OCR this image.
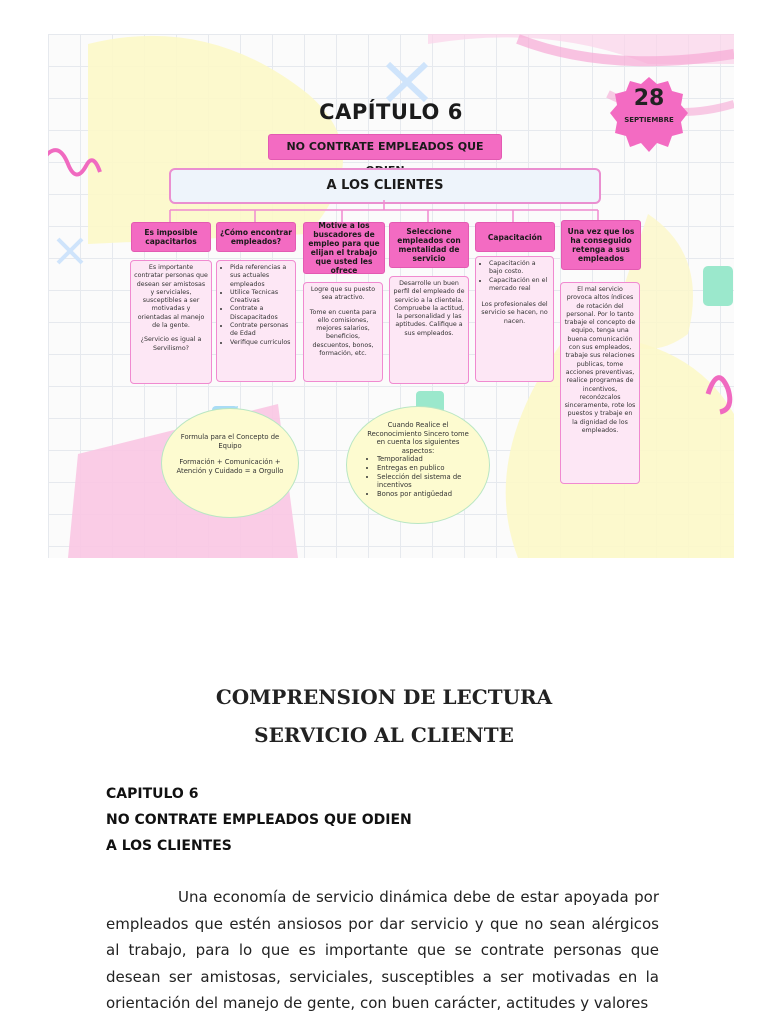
28
SEPTIEMBRE
CAPÍTULO 6
NO CONTRATE EMPLEADOS QUE
A LOS CLIENTES
Es imposible capacitarlos

Es importante contratar personas que desean ser amistosas y serviciales, susceptibles a ser motivadas y orientadas al manejo de la gente.

¿Servicio es igual a Servilismo?

¿Cómo encontrar empleados?
• Pida referencias a sus actuales empleados
• Utilice Tecnicas Creativas
• Contrate a Discapacitados
• Contrate personas de Edad
• Verifique curriculos
Motive a los buscadores de empleo para que elijan el trabajo que usted les ofrece

Logre que su puesto sea atractivo.

Tome en cuenta para ello comisiones, mejores salarios, beneficios, descuentos, bonos, formación, etc.

Seleccione empleados con mentalidad de servicio

Desarrolle un buen perfil del empleado de servicio a la clientela. Compruebe la actitud, la personalidad y las aptitudes. Califique a sus empleados.

Capacitación
• Capacitación a bajo costo.
• Capacitación en el mercado real

Los profesionales del servicio se hacen, no nacen.

Una vez que los ha conseguido retenga a sus empleados

El mal servicio provoca altos índices de rotación del personal. Por lo tanto trabaje el concepto de equipo, tenga una buena comunicación con sus empleados, trabaje sus relaciones publicas, tome acciones preventivas, realice programas de incentivos, reconózcalos sinceramente, rote los puestos y trabaje en la dignidad de los empleados.

Formula para el Concepto de Equipo
Formación + Comunicación + Atención y Cuidado = a Orgullo
Cuando Realice el Reconocimiento Sincero tome en cuenta los siguientes aspectos:
• Temporalidad
• Entregas en publico
• Selección del sistema de incentivos
• Bonos por antigüedad
COMPRENSION DE LECTURA
SERVICIO AL CLIENTE
CAPITULO 6
NO CONTRATE EMPLEADOS QUE ODIEN
A LOS CLIENTES

Una economía de servicio dinámica debe de estar apoyada por empleados que estén ansiosos por dar servicio y que no sean alérgicos al trabajo, para lo que es importante que se contrate personas que desean ser amistosas, serviciales, susceptibles a ser motivadas en la orientación del manejo de gente, con buen carácter, actitudes y valores
